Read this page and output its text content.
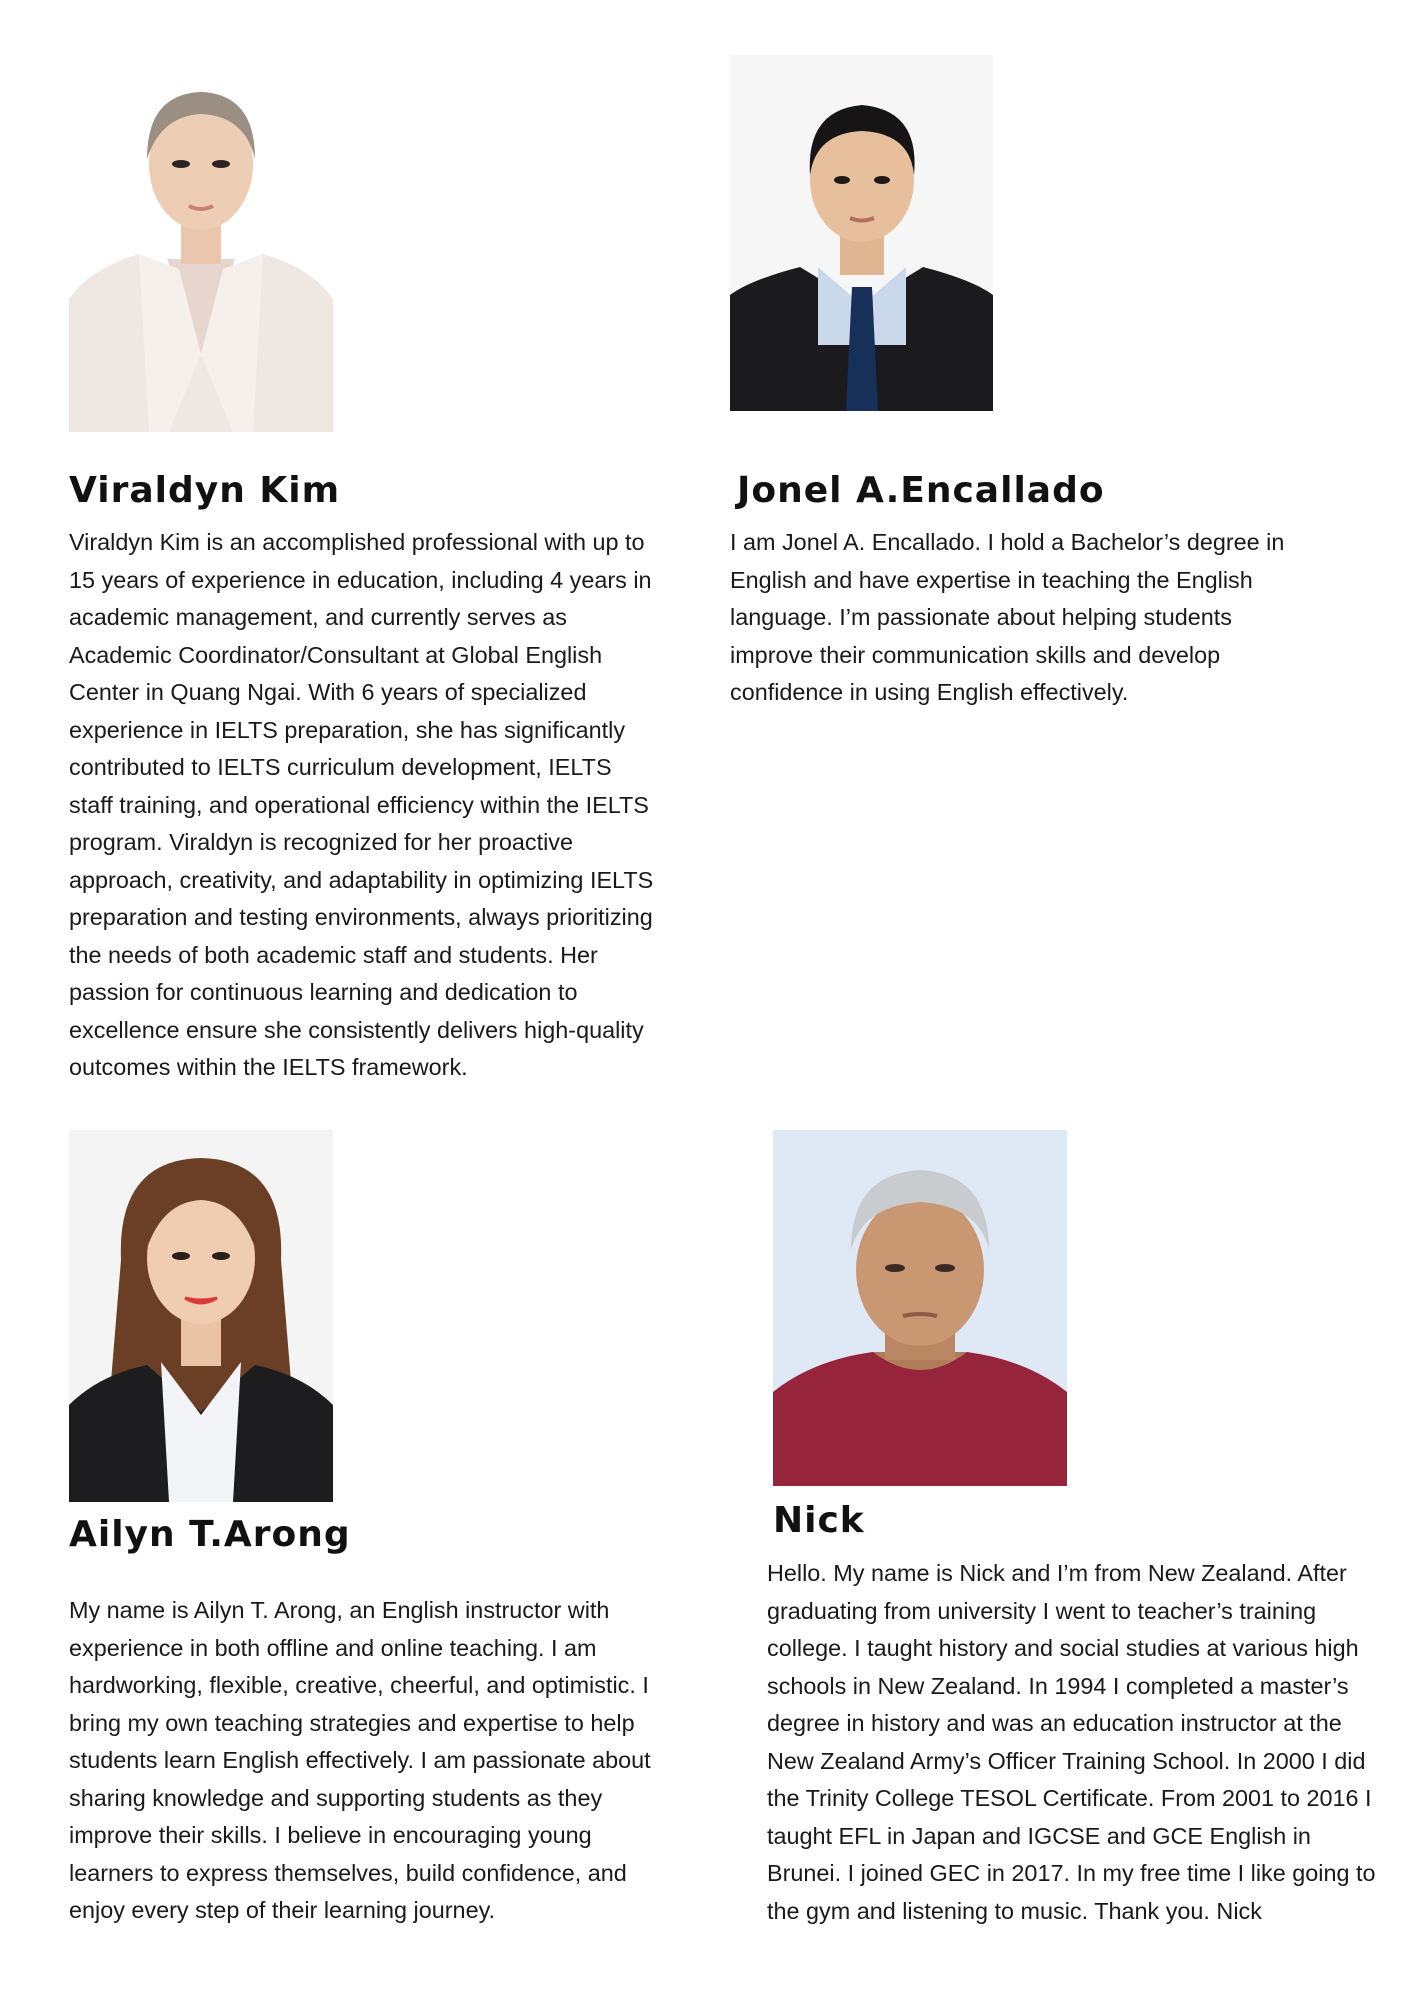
Viraldyn Kim

Viraldyn Kim is an accomplished professional with up to 15 years of experience in education, including 4 years in academic management, and currently serves as Academic Coordinator/Consultant at Global English Center in Quang Ngai. With 6 years of specialized experience in IELTS preparation, she has significantly contributed to IELTS curriculum development, IELTS staff training, and operational efficiency within the IELTS program. Viraldyn is recognized for her proactive approach, creativity, and adaptability in optimizing IELTS preparation and testing environments, always prioritizing the needs of both academic staff and students. Her passion for continuous learning and dedication to excellence ensure she consistently delivers high-quality outcomes within the IELTS framework.

Jonel A.Encallado

I am Jonel A. Encallado. I hold a Bachelor’s degree in English and have expertise in teaching the English language. I’m passionate about helping students improve their communication skills and develop confidence in using English effectively.

Ailyn T.Arong

My name is Ailyn T. Arong, an English instructor with experience in both offline and online teaching. I am hardworking, flexible, creative, cheerful, and optimistic. I bring my own teaching strategies and expertise to help students learn English effectively. I am passionate about sharing knowledge and supporting students as they improve their skills. I believe in encouraging young learners to express themselves, build confidence, and enjoy every step of their learning journey.

Nick

Hello. My name is Nick and I’m from New Zealand. After graduating from university I went to teacher’s training college. I taught history and social studies at various high schools in New Zealand. In 1994 I completed a master’s degree in history and was an education instructor at the New Zealand Army’s Officer Training School. In 2000 I did the Trinity College TESOL Certificate. From 2001 to 2016 I taught EFL in Japan and IGCSE and GCE English in Brunei. I joined GEC in 2017. In my free time I like going to the gym and listening to music. Thank you. Nick
